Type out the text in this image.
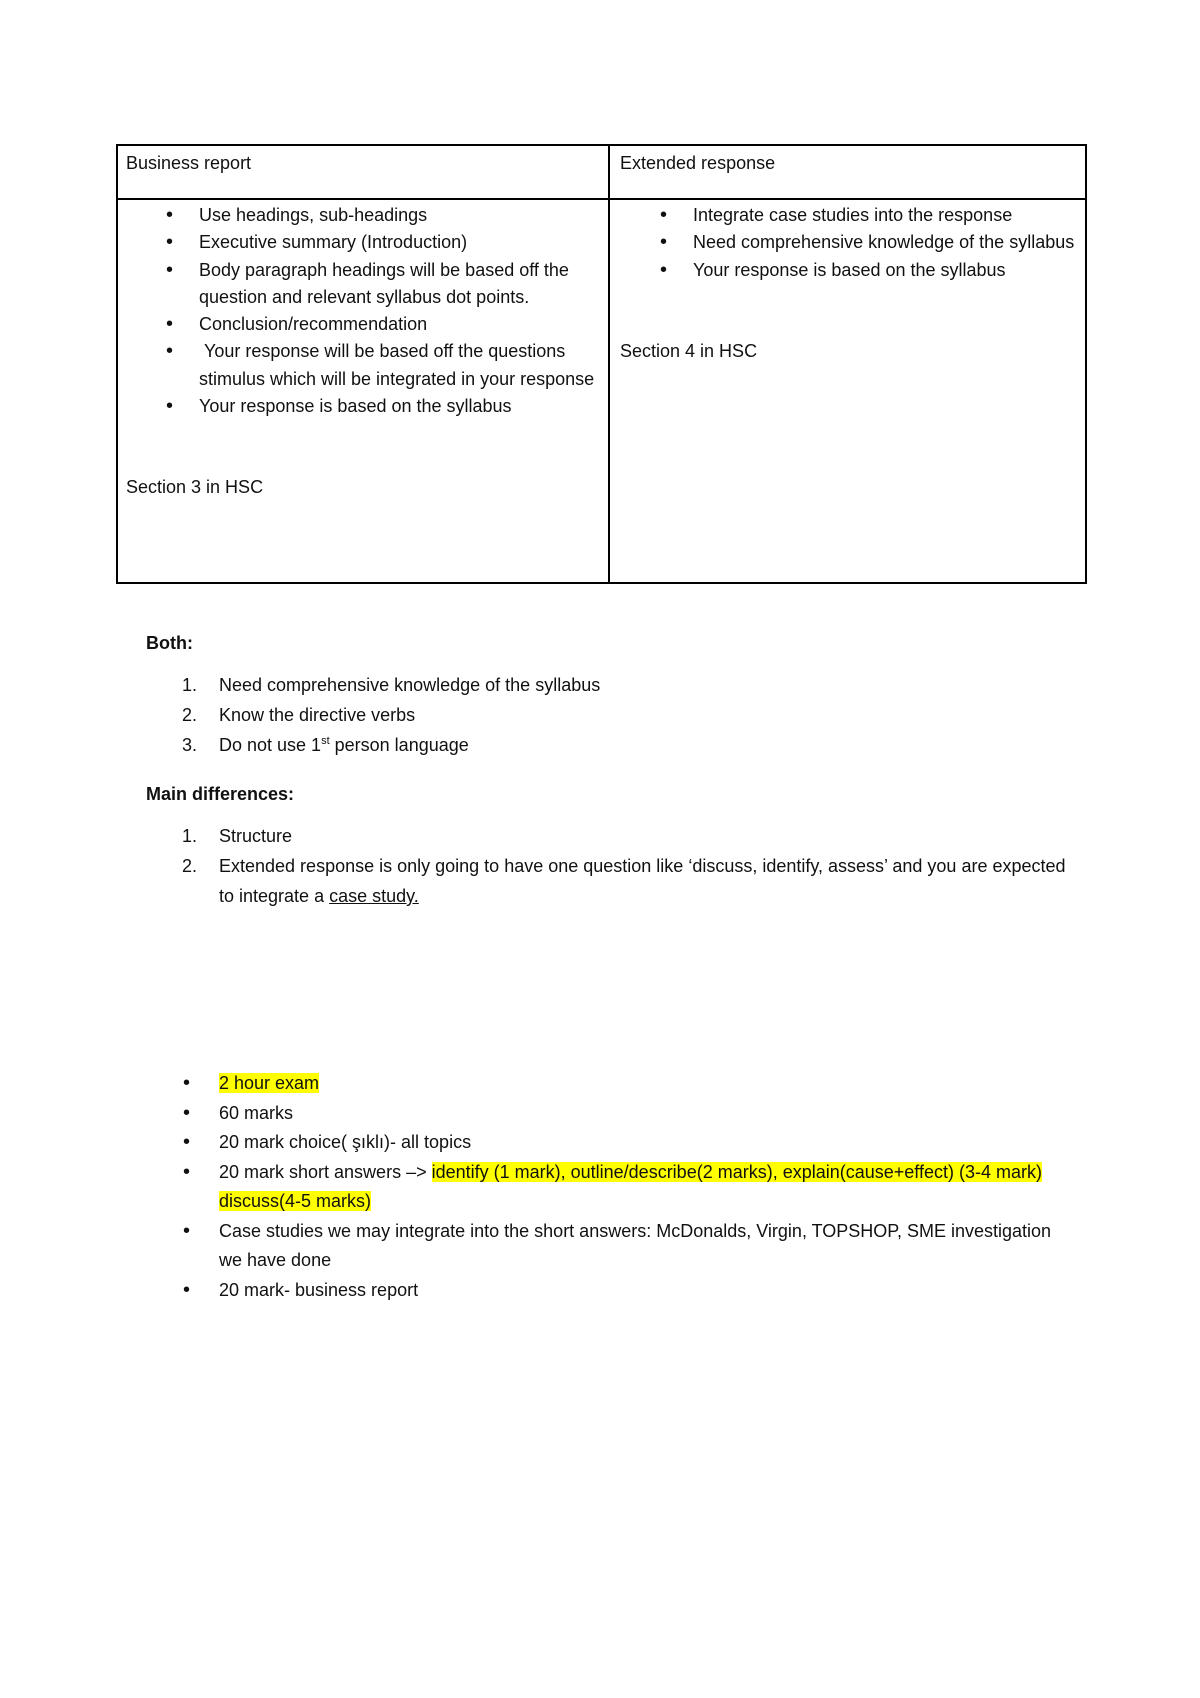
Business report	Extended response
• Use headings, sub-headings
• Executive summary (Introduction)
• Body paragraph headings will be based off the question and relevant syllabus dot points.
• Conclusion/recommendation
•  Your response will be based off the questions stimulus which will be integrated in your response
• Your response is based on the syllabus
Section 3 in HSC
• Integrate case studies into the response
• Need comprehensive knowledge of the syllabus
• Your response is based on the syllabus
Section 4 in HSC
Both:
1. Need comprehensive knowledge of the syllabus
2. Know the directive verbs
3. Do not use 1st person language
Main differences:
1. Structure
2. Extended response is only going to have one question like ‘discuss, identify, assess’ and you are expected to integrate a case study.
• 2 hour exam
• 60 marks
• 20 mark choice( şıklı)- all topics
• 20 mark short answers –> identify (1 mark), outline/describe(2 marks), explain(cause+effect) (3-4 mark) discuss(4-5 marks)
• Case studies we may integrate into the short answers: McDonalds, Virgin, TOPSHOP, SME investigation we have done
• 20 mark- business report
